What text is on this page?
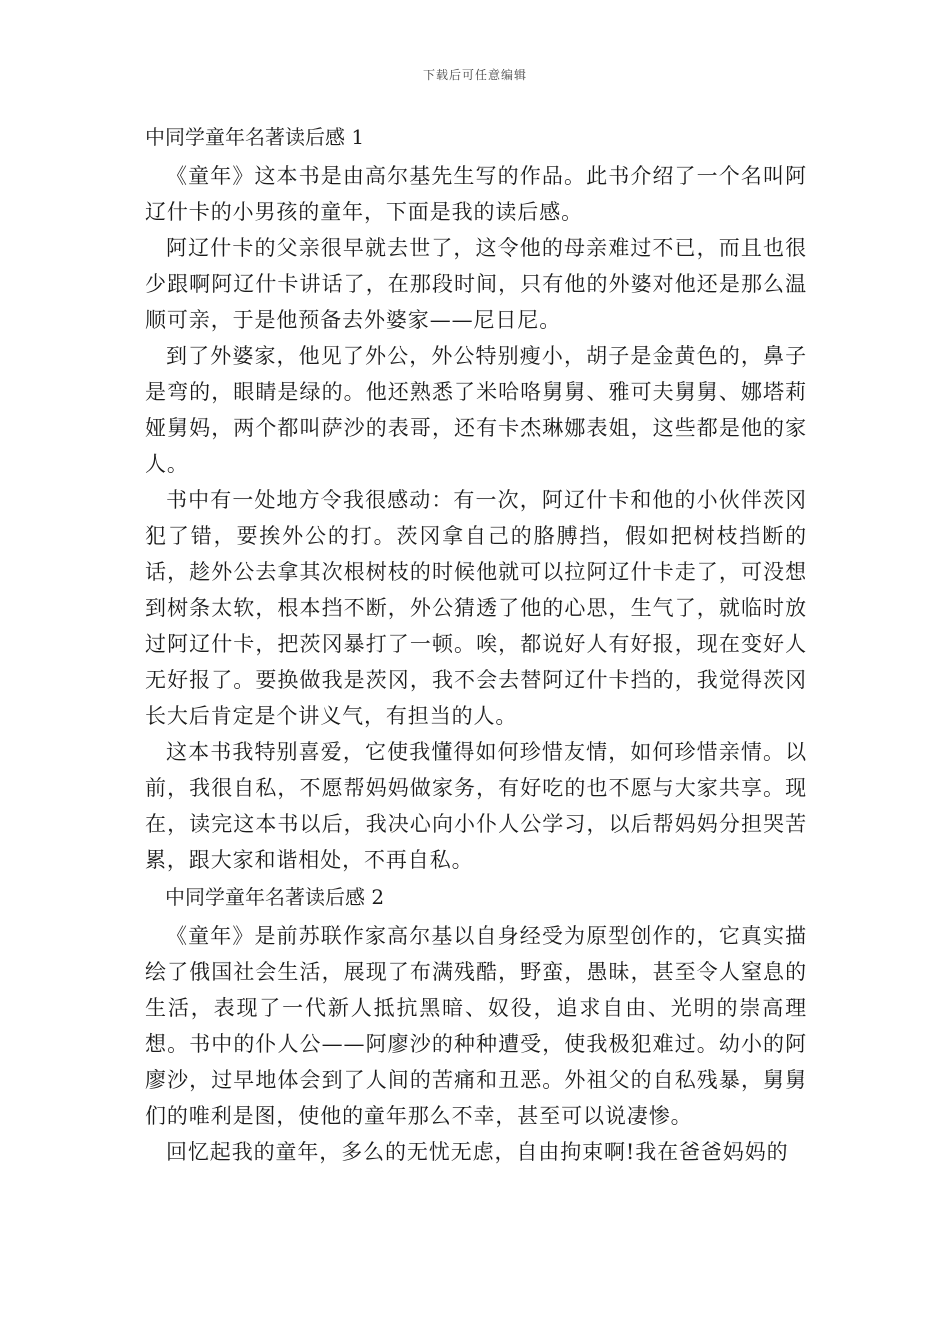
下载后可任意编辑
中同学童年名著读后感 1

《童年》这本书是由高尔基先生写的作品。此书介绍了一个名叫阿辽什卡的小男孩的童年，下面是我的读后感。

阿辽什卡的父亲很早就去世了，这令他的母亲难过不已，而且也很少跟啊阿辽什卡讲话了，在那段时间，只有他的外婆对他还是那么温顺可亲，于是他预备去外婆家——尼日尼。

到了外婆家，他见了外公，外公特别瘦小，胡子是金黄色的，鼻子是弯的，眼睛是绿的。他还熟悉了米哈咯舅舅、雅可夫舅舅、娜塔莉娅舅妈，两个都叫萨沙的表哥，还有卡杰琳娜表姐，这些都是他的家人。

书中有一处地方令我很感动：有一次，阿辽什卡和他的小伙伴茨冈犯了错，要挨外公的打。茨冈拿自己的胳膊挡，假如把树枝挡断的话，趁外公去拿其次根树枝的时候他就可以拉阿辽什卡走了，可没想到树条太软，根本挡不断，外公猜透了他的心思，生气了，就临时放过阿辽什卡，把茨冈暴打了一顿。唉，都说好人有好报，现在变好人无好报了。要换做我是茨冈，我不会去替阿辽什卡挡的，我觉得茨冈长大后肯定是个讲义气，有担当的人。

这本书我特别喜爱，它使我懂得如何珍惜友情，如何珍惜亲情。以前，我很自私，不愿帮妈妈做家务，有好吃的也不愿与大家共享。现在，读完这本书以后，我决心向小仆人公学习，以后帮妈妈分担哭苦累，跟大家和谐相处，不再自私。

中同学童年名著读后感 2

《童年》是前苏联作家高尔基以自身经受为原型创作的，它真实描绘了俄国社会生活，展现了布满残酷，野蛮，愚昧，甚至令人窒息的生活，表现了一代新人抵抗黑暗、奴役，追求自由、光明的崇高理想。书中的仆人公——阿廖沙的种种遭受，使我极犯难过。幼小的阿廖沙，过早地体会到了人间的苦痛和丑恶。外祖父的自私残暴，舅舅们的唯利是图，使他的童年那么不幸，甚至可以说凄惨。

回忆起我的童年，多么的无忧无虑，自由拘束啊!我在爸爸妈妈的
